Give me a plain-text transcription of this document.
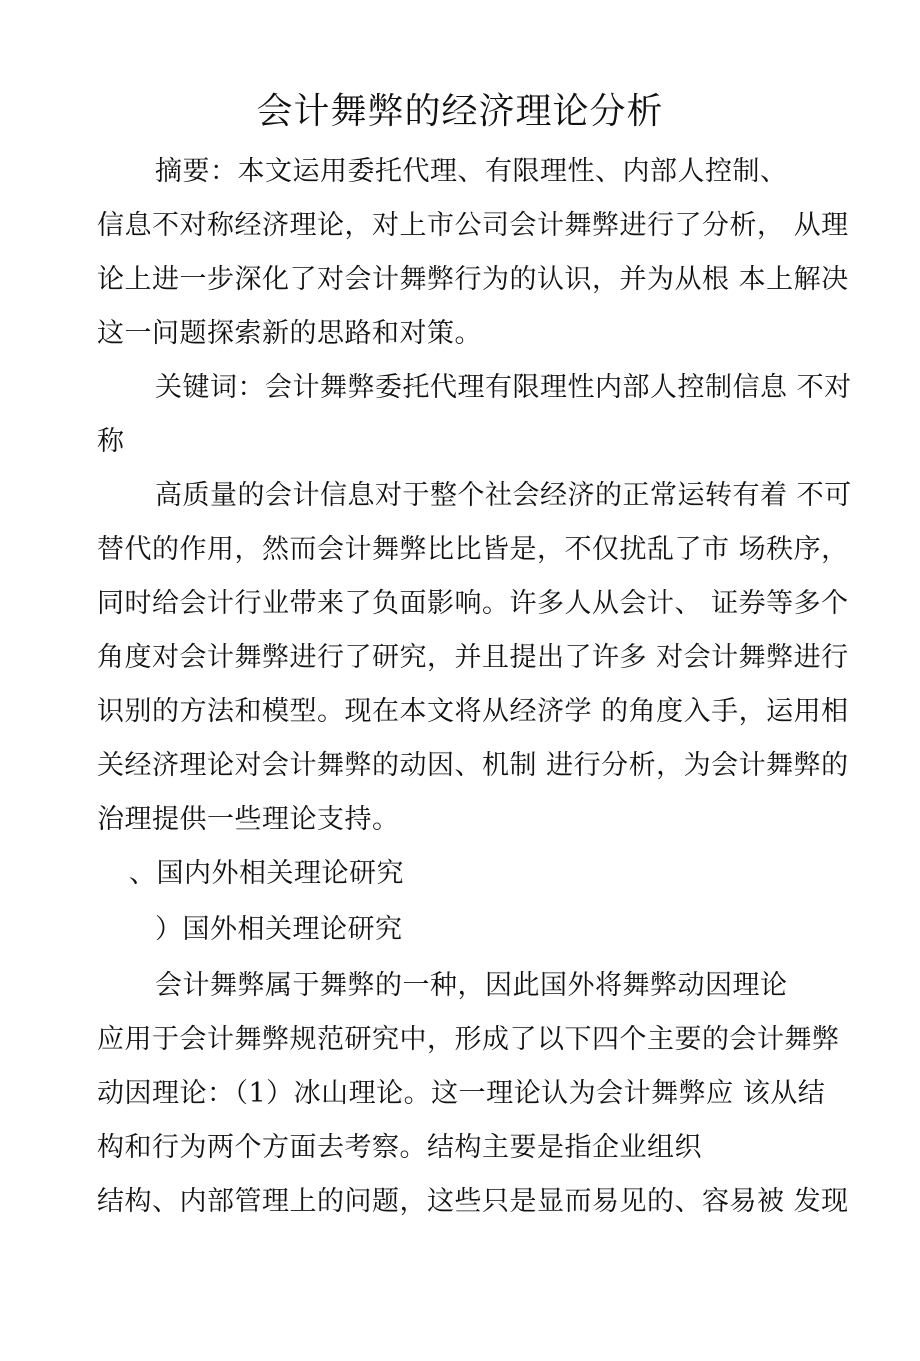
会计舞弊的经济理论分析
摘要：本文运用委托代理、有限理性、内部人控制、
信息不对称经济理论，对上市公司会计舞弊进行了分析， 从理
论上进一步深化了对会计舞弊行为的认识，并为从根 本上解决
这一问题探索新的思路和对策。
关键词：会计舞弊委托代理有限理性内部人控制信息 不对
称
高质量的会计信息对于整个社会经济的正常运转有着 不可
替代的作用，然而会计舞弊比比皆是，不仅扰乱了市 场秩序，
同时给会计行业带来了负面影响。许多人从会计、 证券等多个
角度对会计舞弊进行了研究，并且提出了许多 对会计舞弊进行
识别的方法和模型。现在本文将从经济学 的角度入手，运用相
关经济理论对会计舞弊的动因、机制 进行分析，为会计舞弊的
治理提供一些理论支持。
、国内外相关理论研究
）国外相关理论研究
会计舞弊属于舞弊的一种，因此国外将舞弊动因理论
应用于会计舞弊规范研究中，形成了以下四个主要的会计舞弊
动因理论：（1）冰山理论。这一理论认为会计舞弊应 该从结
构和行为两个方面去考察。结构主要是指企业组织
结构、内部管理上的问题，这些只是显而易见的、容易被 发现
